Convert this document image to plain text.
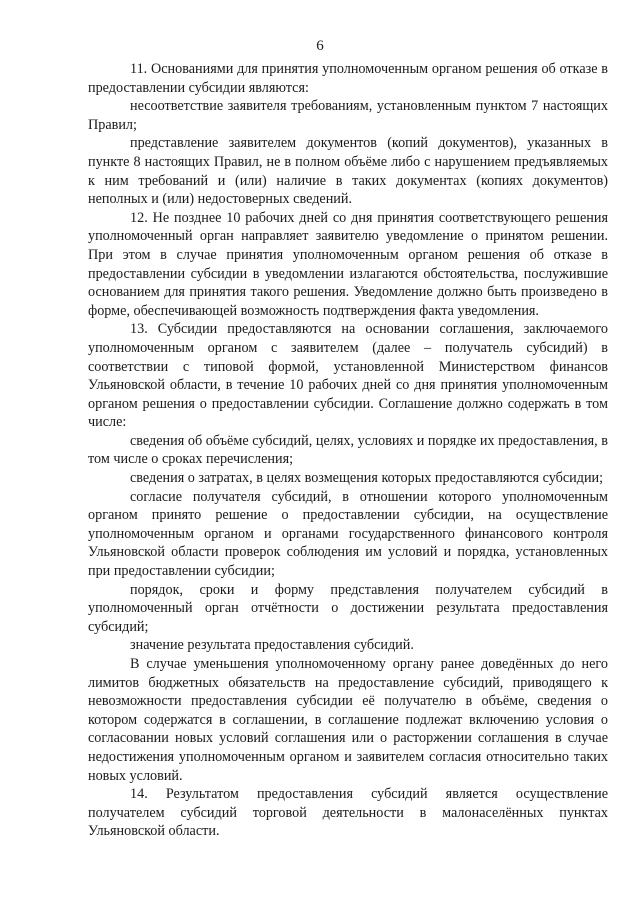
6

11. Основаниями для принятия уполномоченным органом решения об отказе в предоставлении субсидии являются:

несоответствие заявителя требованиям, установленным пунктом 7 настоящих Правил;

представление заявителем документов (копий документов), указанных в пункте 8 настоящих Правил, не в полном объёме либо с нарушением предъявляемых к ним требований и (или) наличие в таких документах (копиях документов) неполных и (или) недостоверных сведений.

12. Не позднее 10 рабочих дней со дня принятия соответствующего решения уполномоченный орган направляет заявителю уведомление о принятом решении. При этом в случае принятия уполномоченным органом решения об отказе в предоставлении субсидии в уведомлении излагаются обстоятельства, послужившие основанием для принятия такого решения. Уведомление должно быть произведено в форме, обеспечивающей возможность подтверждения факта уведомления.

13. Субсидии предоставляются на основании соглашения, заключаемого уполномоченным органом с заявителем (далее – получатель субсидий) в соответствии с типовой формой, установленной Министерством финансов Ульяновской области, в течение 10 рабочих дней со дня принятия уполномоченным органом решения о предоставлении субсидии. Соглашение должно содержать в том числе:

сведения об объёме субсидий, целях, условиях и порядке их предоставления, в том числе о сроках перечисления;

сведения о затратах, в целях возмещения которых предоставляются субсидии;

согласие получателя субсидий, в отношении которого уполномоченным органом принято решение о предоставлении субсидии, на осуществление уполномоченным органом и органами государственного финансового контроля Ульяновской области проверок соблюдения им условий и порядка, установленных при предоставлении субсидии;

порядок, сроки и форму представления получателем субсидий в уполномоченный орган отчётности о достижении результата предоставления субсидий;

значение результата предоставления субсидий.

В случае уменьшения уполномоченному органу ранее доведённых до него лимитов бюджетных обязательств на предоставление субсидий, приводящего к невозможности предоставления субсидии её получателю в объёме, сведения о котором содержатся в соглашении, в соглашение подлежат включению условия о согласовании новых условий соглашения или о расторжении соглашения в случае недостижения уполномоченным органом и заявителем согласия относительно таких новых условий.

14. Результатом предоставления субсидий является осуществление получателем субсидий торговой деятельности в малонаселённых пунктах Ульяновской области.
